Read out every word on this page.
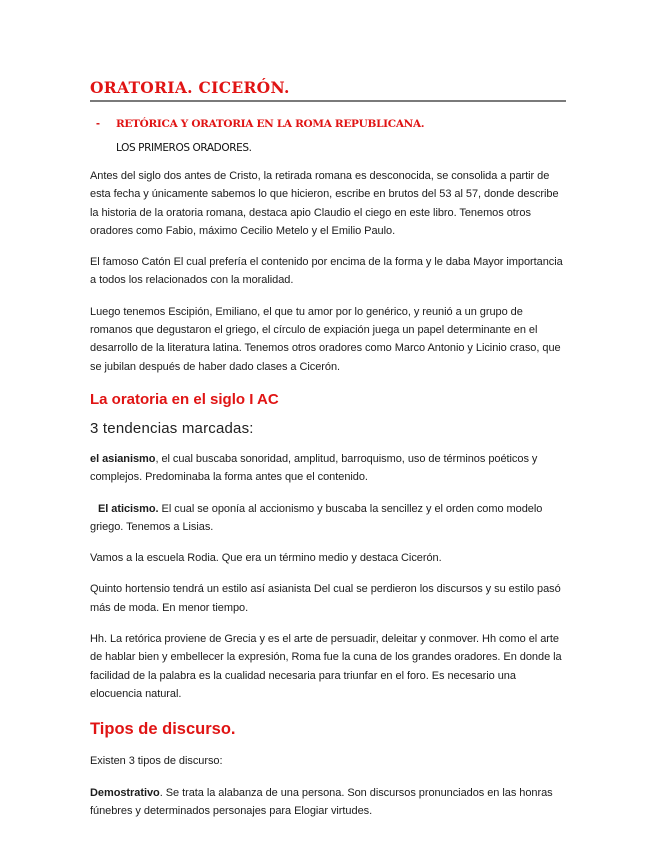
ORATORIA. CICERÓN.
-	RETÓRICA Y ORATORIA EN LA ROMA REPUBLICANA.
LOS PRIMEROS ORADORES.

Antes del siglo dos antes de Cristo, la retirada romana es desconocida, se consolida a partir de esta fecha y únicamente sabemos lo que hicieron, escribe en brutos del 53 al 57, donde describe la historia de la oratoria romana, destaca apio Claudio el ciego en este libro. Tenemos otros oradores como Fabio, máximo Cecilio Metelo y el Emilio Paulo.

El famoso Catón El cual prefería el contenido por encima de la forma y le daba Mayor importancia a todos los relacionados con la moralidad.

Luego tenemos Escipión, Emiliano, el que tu amor por lo genérico, y reunió a un grupo de romanos que degustaron el griego, el círculo de expiación juega un papel determinante en el desarrollo de la literatura latina. Tenemos otros oradores como Marco Antonio y Licinio craso, que se jubilan después de haber dado clases a Cicerón.

La oratoria en el siglo I AC
3 tendencias marcadas:

el asianismo, el cual buscaba sonoridad, amplitud, barroquismo, uso de términos poéticos y complejos. Predominaba la forma antes que el contenido.

El aticismo. El cual se oponía al accionismo y buscaba la sencillez y el orden como modelo griego. Tenemos a Lisias.

Vamos a la escuela Rodia. Que era un término medio y destaca Cicerón.

Quinto hortensio tendrá un estilo así asianista Del cual se perdieron los discursos y su estilo pasó más de moda. En menor tiempo.

Hh. La retórica proviene de Grecia y es el arte de persuadir, deleitar y conmover. Hh como el arte de hablar bien y embellecer la expresión, Roma fue la cuna de los grandes oradores. En donde la facilidad de la palabra es la cualidad necesaria para triunfar en el foro. Es necesario una elocuencia natural.

Tipos de discurso.

Existen 3 tipos de discurso:

Demostrativo. Se trata la alabanza de una persona. Son discursos pronunciados en las honras fúnebres y determinados personajes para Elogiar virtudes.
